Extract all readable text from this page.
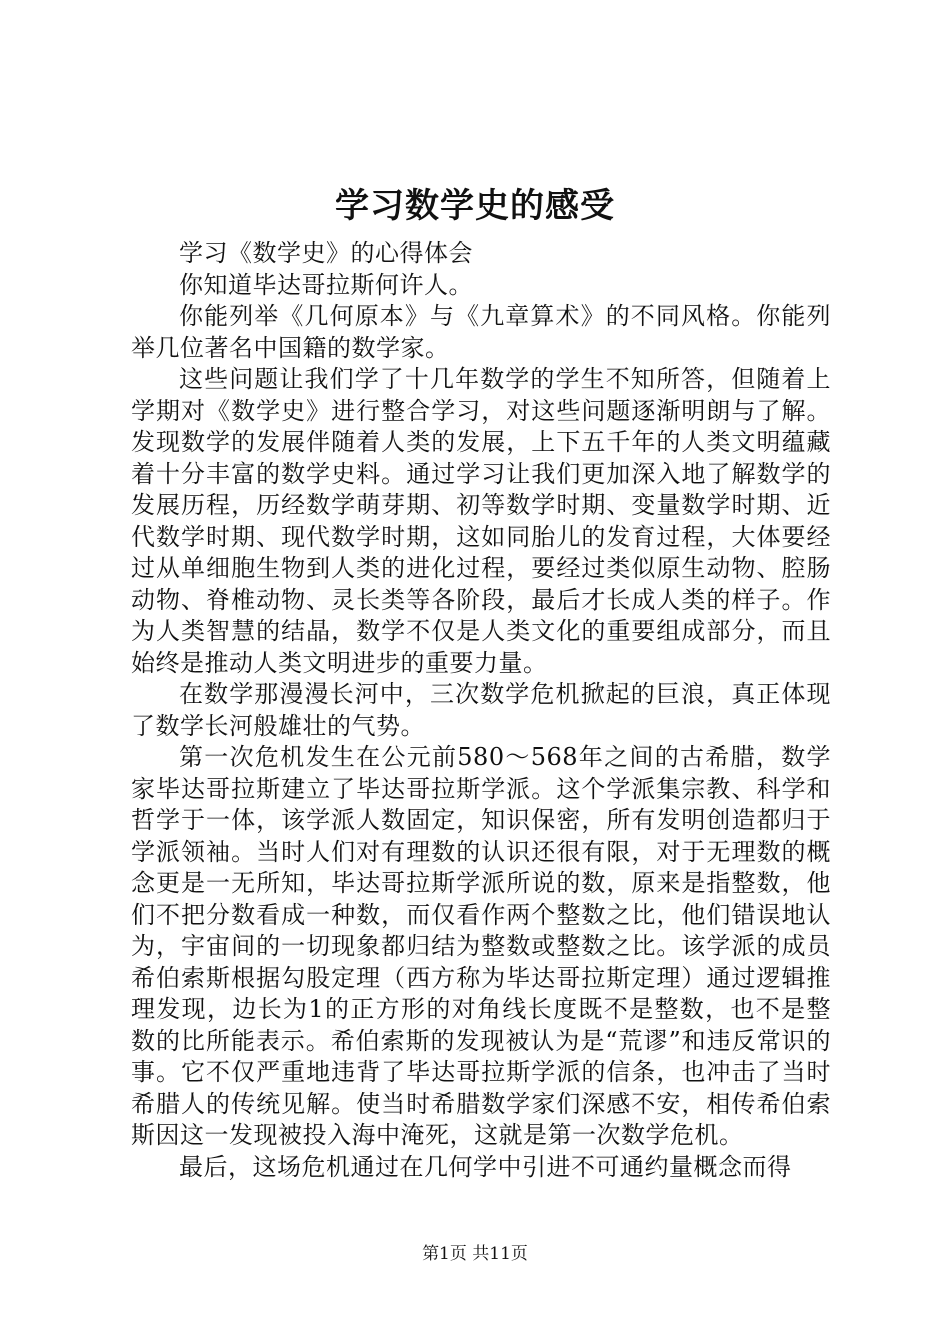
学习数学史的感受

学习《数学史》的心得体会

你知道毕达哥拉斯何许人。

你能列举《几何原本》与《九章算术》的不同风格。你能列举几位著名中国籍的数学家。

这些问题让我们学了十几年数学的学生不知所答，但随着上学期对《数学史》进行整合学习，对这些问题逐渐明朗与了解。发现数学的发展伴随着人类的发展，上下五千年的人类文明蕴藏着十分丰富的数学史料。通过学习让我们更加深入地了解数学的发展历程，历经数学萌芽期、初等数学时期、变量数学时期、近代数学时期、现代数学时期，这如同胎儿的发育过程，大体要经过从单细胞生物到人类的进化过程，要经过类似原生动物、腔肠动物、脊椎动物、灵长类等各阶段，最后才长成人类的样子。作为人类智慧的结晶，数学不仅是人类文化的重要组成部分，而且始终是推动人类文明进步的重要力量。

在数学那漫漫长河中，三次数学危机掀起的巨浪，真正体现了数学长河般雄壮的气势。

第一次危机发生在公元前580～568年之间的古希腊，数学家毕达哥拉斯建立了毕达哥拉斯学派。这个学派集宗教、科学和哲学于一体，该学派人数固定，知识保密，所有发明创造都归于学派领袖。当时人们对有理数的认识还很有限，对于无理数的概念更是一无所知，毕达哥拉斯学派所说的数，原来是指整数，他们不把分数看成一种数，而仅看作两个整数之比，他们错误地认为，宇宙间的一切现象都归结为整数或整数之比。该学派的成员希伯索斯根据勾股定理（西方称为毕达哥拉斯定理）通过逻辑推理发现，边长为1的正方形的对角线长度既不是整数，也不是整数的比所能表示。希伯索斯的发现被认为是“荒谬”和违反常识的事。它不仅严重地违背了毕达哥拉斯学派的信条，也冲击了当时希腊人的传统见解。使当时希腊数学家们深感不安，相传希伯索斯因这一发现被投入海中淹死，这就是第一次数学危机。

最后，这场危机通过在几何学中引进不可通约量概念而得

第1页 共11页
